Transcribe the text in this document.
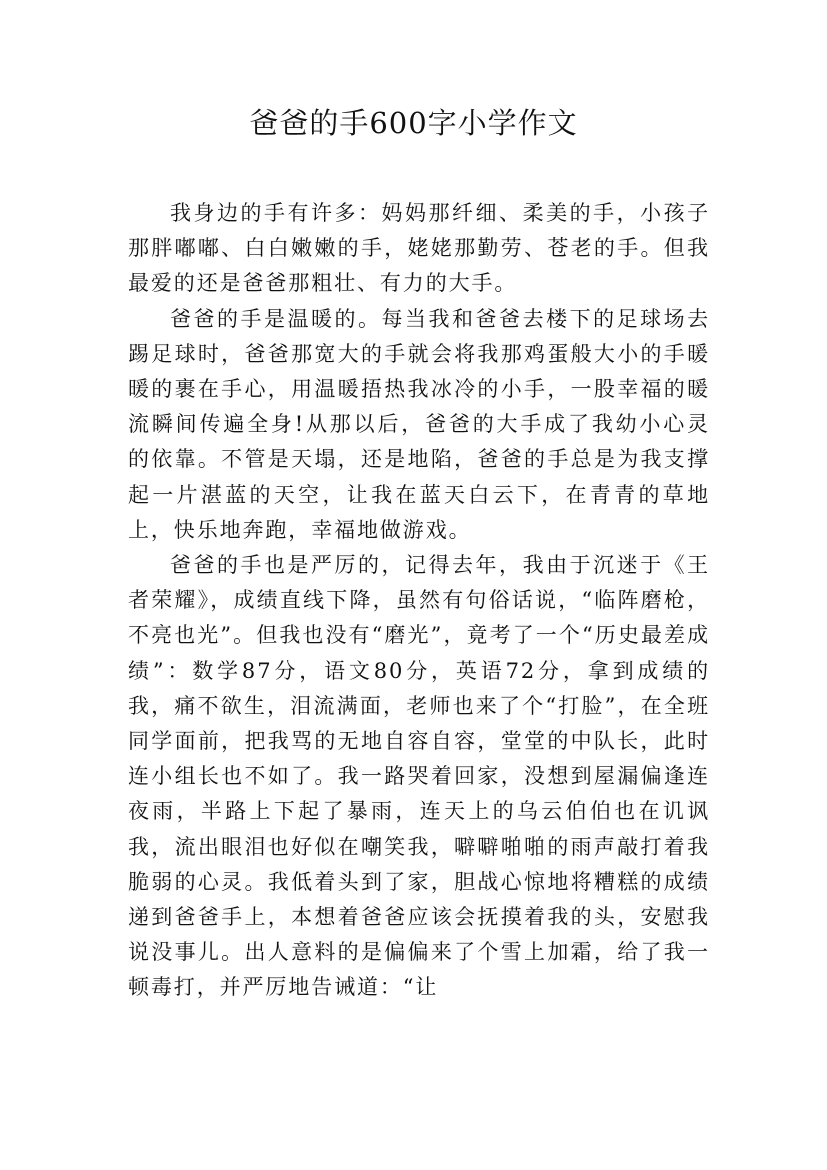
爸爸的手600字小学作文

我身边的手有许多：妈妈那纤细、柔美的手，小孩子那胖嘟嘟、白白嫩嫩的手，姥姥那勤劳、苍老的手。但我最爱的还是爸爸那粗壮、有力的大手。

爸爸的手是温暖的。每当我和爸爸去楼下的足球场去踢足球时，爸爸那宽大的手就会将我那鸡蛋般大小的手暖暖的裹在手心，用温暖捂热我冰冷的小手，一股幸福的暖流瞬间传遍全身!从那以后，爸爸的大手成了我幼小心灵的依靠。不管是天塌，还是地陷，爸爸的手总是为我支撑起一片湛蓝的天空，让我在蓝天白云下，在青青的草地上，快乐地奔跑，幸福地做游戏。

爸爸的手也是严厉的，记得去年，我由于沉迷于《王者荣耀》，成绩直线下降，虽然有句俗话说，“临阵磨枪，不亮也光”。但我也没有“磨光”，竟考了一个“历史最差成绩”：数学87分，语文80分，英语72分，拿到成绩的我，痛不欲生，泪流满面，老师也来了个“打脸”，在全班同学面前，把我骂的无地自容自容，堂堂的中队长，此时连小组长也不如了。我一路哭着回家，没想到屋漏偏逢连夜雨，半路上下起了暴雨，连天上的乌云伯伯也在讥讽我，流出眼泪也好似在嘲笑我，噼噼啪啪的雨声敲打着我脆弱的心灵。我低着头到了家，胆战心惊地将糟糕的成绩递到爸爸手上，本想着爸爸应该会抚摸着我的头，安慰我说没事儿。出人意料的是偏偏来了个雪上加霜，给了我一顿毒打，并严厉地告诫道：“让
